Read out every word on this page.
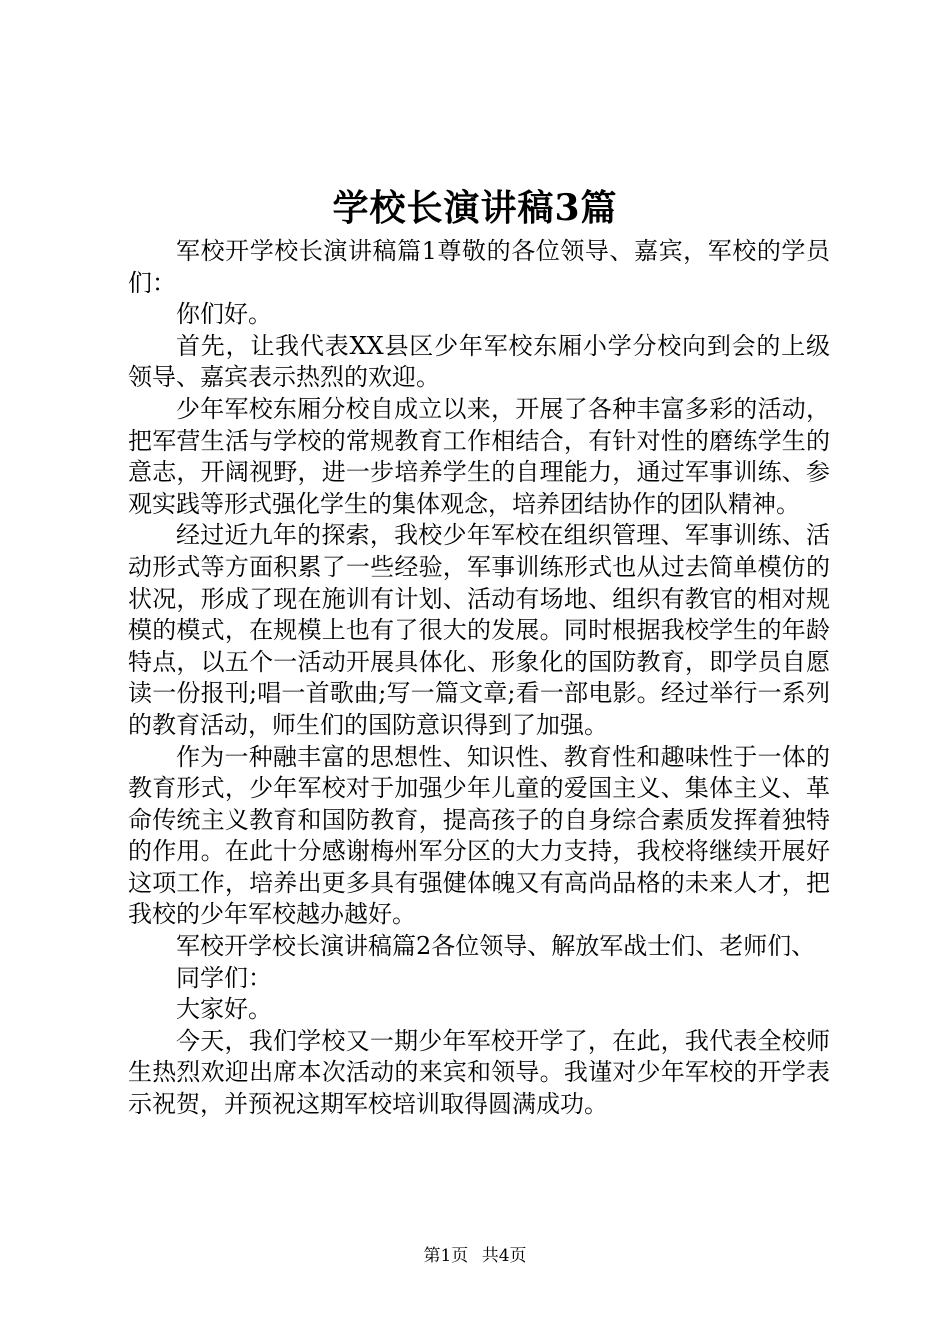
学校长演讲稿3篇

军校开学校长演讲稿篇1尊敬的各位领导、嘉宾，军校的学员们：

你们好。

首先，让我代表XX县区少年军校东厢小学分校向到会的上级领导、嘉宾表示热烈的欢迎。

少年军校东厢分校自成立以来，开展了各种丰富多彩的活动，把军营生活与学校的常规教育工作相结合，有针对性的磨练学生的意志，开阔视野，进一步培养学生的自理能力，通过军事训练、参观实践等形式强化学生的集体观念，培养团结协作的团队精神。

经过近九年的探索，我校少年军校在组织管理、军事训练、活动形式等方面积累了一些经验，军事训练形式也从过去简单模仿的状况，形成了现在施训有计划、活动有场地、组织有教官的相对规模的模式，在规模上也有了很大的发展。同时根据我校学生的年龄特点，以五个一活动开展具体化、形象化的国防教育，即学员自愿读一份报刊;唱一首歌曲;写一篇文章;看一部电影。经过举行一系列的教育活动，师生们的国防意识得到了加强。

作为一种融丰富的思想性、知识性、教育性和趣味性于一体的教育形式，少年军校对于加强少年儿童的爱国主义、集体主义、革命传统主义教育和国防教育，提高孩子的自身综合素质发挥着独特的作用。在此十分感谢梅州军分区的大力支持，我校将继续开展好这项工作，培养出更多具有强健体魄又有高尚品格的未来人才，把我校的少年军校越办越好。

军校开学校长演讲稿篇2各位领导、解放军战士们、老师们、

同学们：

大家好。

今天，我们学校又一期少年军校开学了，在此，我代表全校师生热烈欢迎出席本次活动的来宾和领导。我谨对少年军校的开学表示祝贺，并预祝这期军校培训取得圆满成功。

第1页 共4页
